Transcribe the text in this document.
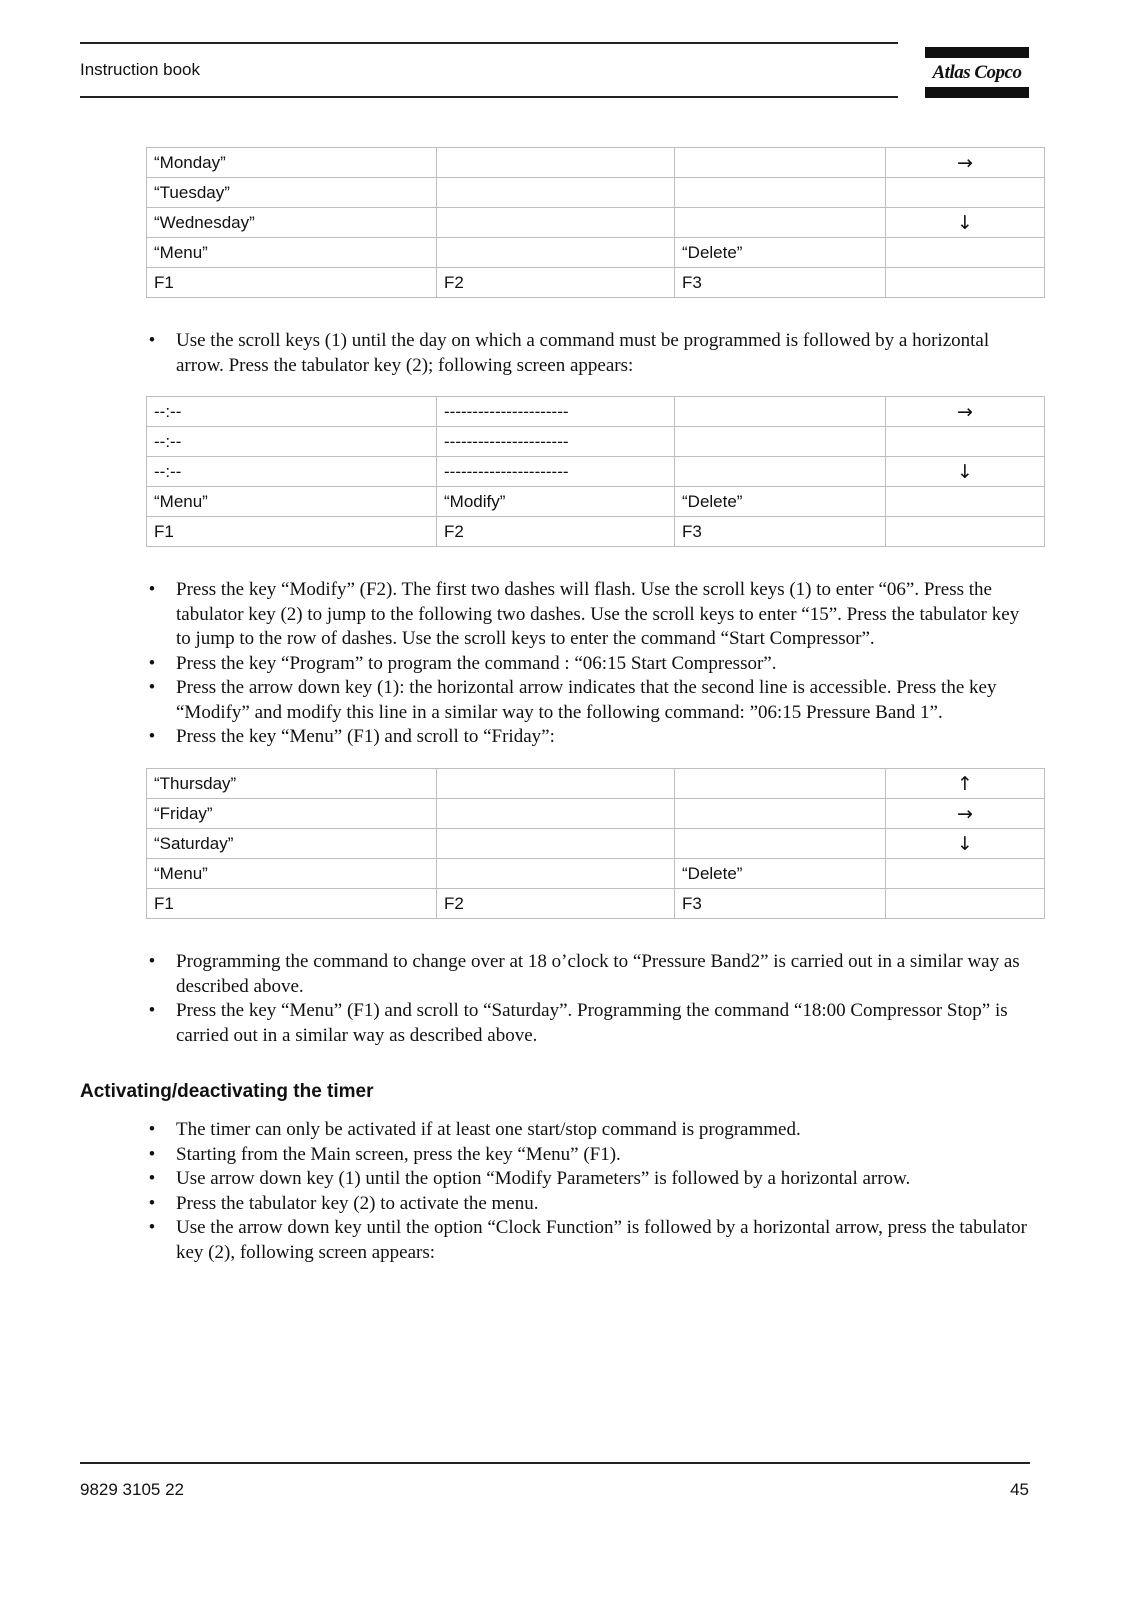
Instruction book	Atlas Copco
“Monday”			→
“Tuesday”			
“Wednesday”			↓
“Menu”		“Delete”	
F1	F2	F3	
• Use the scroll keys (1) until the day on which a command must be programmed is followed by a horizontal arrow. Press the tabulator key (2); following screen appears:
--:--	----------------------		→
--:--	----------------------		
--:--	----------------------		↓
“Menu”	“Modify”	“Delete”	
F1	F2	F3	
• Press the key “Modify” (F2). The first two dashes will flash. Use the scroll keys (1) to enter “06”. Press the tabulator key (2) to jump to the following two dashes. Use the scroll keys to enter “15”. Press the tabulator key to jump to the row of dashes. Use the scroll keys to enter the command “Start Compressor”.
• Press the key “Program” to program the command : “06:15 Start Compressor”.
• Press the arrow down key (1): the horizontal arrow indicates that the second line is accessible. Press the key “Modify” and modify this line in a similar way to the following command: ”06:15 Pressure Band 1”.
• Press the key “Menu” (F1) and scroll to “Friday”:
“Thursday”			↑
“Friday”			→
“Saturday”			↓
“Menu”		“Delete”	
F1	F2	F3	
• Programming the command to change over at 18 o’clock to “Pressure Band2” is carried out in a similar way as described above.
• Press the key “Menu” (F1) and scroll to “Saturday”. Programming the command “18:00 Compressor Stop” is carried out in a similar way as described above.
Activating/deactivating the timer
• The timer can only be activated if at least one start/stop command is programmed.
• Starting from the Main screen, press the key “Menu” (F1).
• Use arrow down key (1) until the option “Modify Parameters” is followed by a horizontal arrow.
• Press the tabulator key (2) to activate the menu.
• Use the arrow down key until the option “Clock Function” is followed by a horizontal arrow, press the tabulator key (2), following screen appears:
9829 3105 22	45
